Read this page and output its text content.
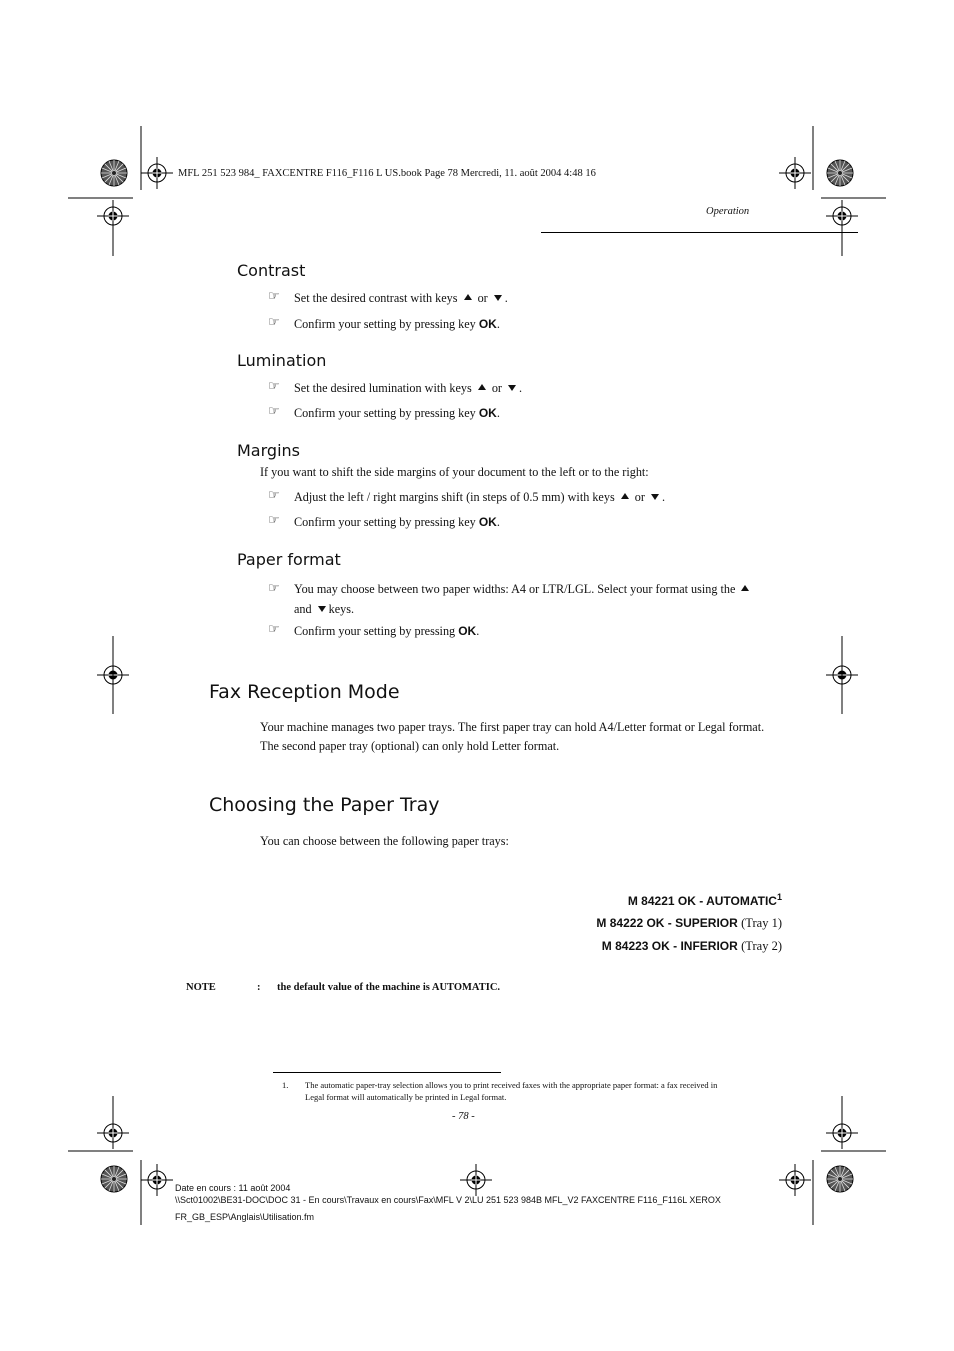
MFL 251 523 984_ FAXCENTRE F116_F116 L US.book Page 78 Mercredi, 11. août 2004 4:48 16
Operation
Contrast
☞ Set the desired contrast with keys or .
☞ Confirm your setting by pressing key OK.
Lumination
☞ Set the desired lumination with keys or .
☞ Confirm your setting by pressing key OK.
Margins
If you want to shift the side margins of your document to the left or to the right:
☞ Adjust the left / right margins shift (in steps of 0.5 mm) with keys or .
☞ Confirm your setting by pressing key OK.
Paper format
☞ You may choose between two paper widths: A4 or LTR/LGL. Select your format using the
and keys.
☞ Confirm your setting by pressing OK.
Fax Reception Mode
Your machine manages two paper trays. The first paper tray can hold A4/Letter format or Legal format.
The second paper tray (optional) can only hold Letter format.
Choosing the Paper Tray
You can choose between the following paper trays:
M 84221 OK - AUTOMATIC$^1$
M 84222 OK - SUPERIOR (Tray 1)
M 84223 OK - INFERIOR (Tray 2)
NOTE	: the default value of the machine is AUTOMATIC.
1. The automatic paper-tray selection allows you to print received faxes with the appropriate paper format: a fax received in
Legal format will automatically be printed in Legal format.
- 78 -
Date en cours : 11 août 2004
\\Sct01002\BE31-DOC\DOC 31 - En cours\Travaux en cours\Fax\MFL V 2\LU 251 523 984B MFL_V2 FAXCENTRE F116_F116L XEROX
FR_GB_ESP\Anglais\Utilisation.fm
